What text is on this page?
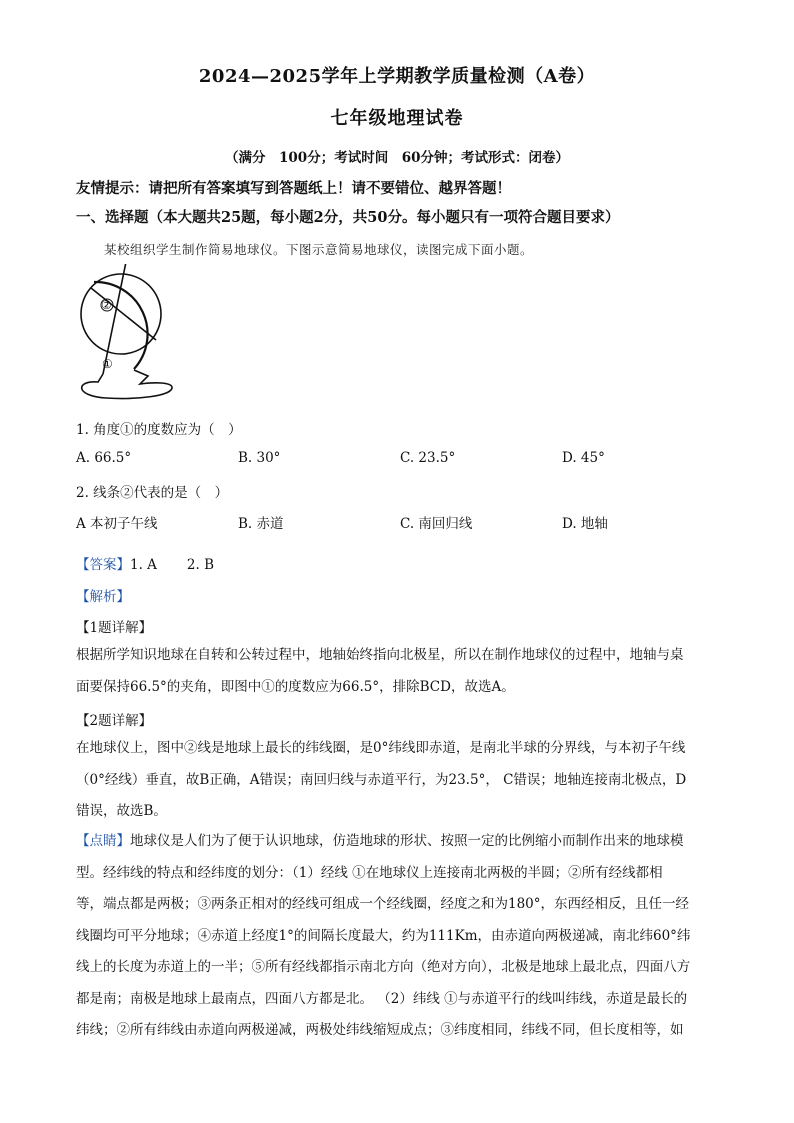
2024—2025学年上学期教学质量检测（A卷）
七年级地理试卷
（满分　100分；考试时间　60分钟；考试形式：闭卷）
友情提示：请把所有答案填写到答题纸上！请不要错位、越界答题！
一、选择题（本大题共25题，每小题2分，共50分。每小题只有一项符合题目要求）
某校组织学生制作简易地球仪。下图示意简易地球仪，读图完成下面小题。
②
①
1. 角度①的度数应为（　）
A. 66.5°	B. 30°	C. 23.5°	D. 45°
2. 线条②代表的是（　）
A 本初子午线	B. 赤道	C. 南回归线	D. 地轴
【答案】1. A 2. B
【解析】
【1题详解】
根据所学知识地球在自转和公转过程中，地轴始终指向北极星，所以在制作地球仪的过程中，地轴与桌
面要保持66.5°的夹角，即图中①的度数应为66.5°，排除BCD，故选A。
【2题详解】
在地球仪上，图中②线是地球上最长的纬线圈，是0°纬线即赤道，是南北半球的分界线，与本初子午线
（0°经线）垂直，故B正确，A错误；南回归线与赤道平行，为23.5°， C错误；地轴连接南北极点，D
错误，故选B。
【点睛】地球仪是人们为了便于认识地球，仿造地球的形状、按照一定的比例缩小而制作出来的地球模
型。经纬线的特点和经纬度的划分：（1）经线 ①在地球仪上连接南北两极的半圆；②所有经线都相
等，端点都是两极；③两条正相对的经线可组成一个经线圈，经度之和为180°，东西经相反，且任一经
线圈均可平分地球；④赤道上经度1°的间隔长度最大，约为111Km，由赤道向两极递减，南北纬60°纬
线上的长度为赤道上的一半；⑤所有经线都指示南北方向（绝对方向），北极是地球上最北点，四面八方
都是南；南极是地球上最南点，四面八方都是北。 （2）纬线 ①与赤道平行的线叫纬线，赤道是最长的
纬线；②所有纬线由赤道向两极递减，两极处纬线缩短成点；③纬度相同，纬线不同，但长度相等，如
